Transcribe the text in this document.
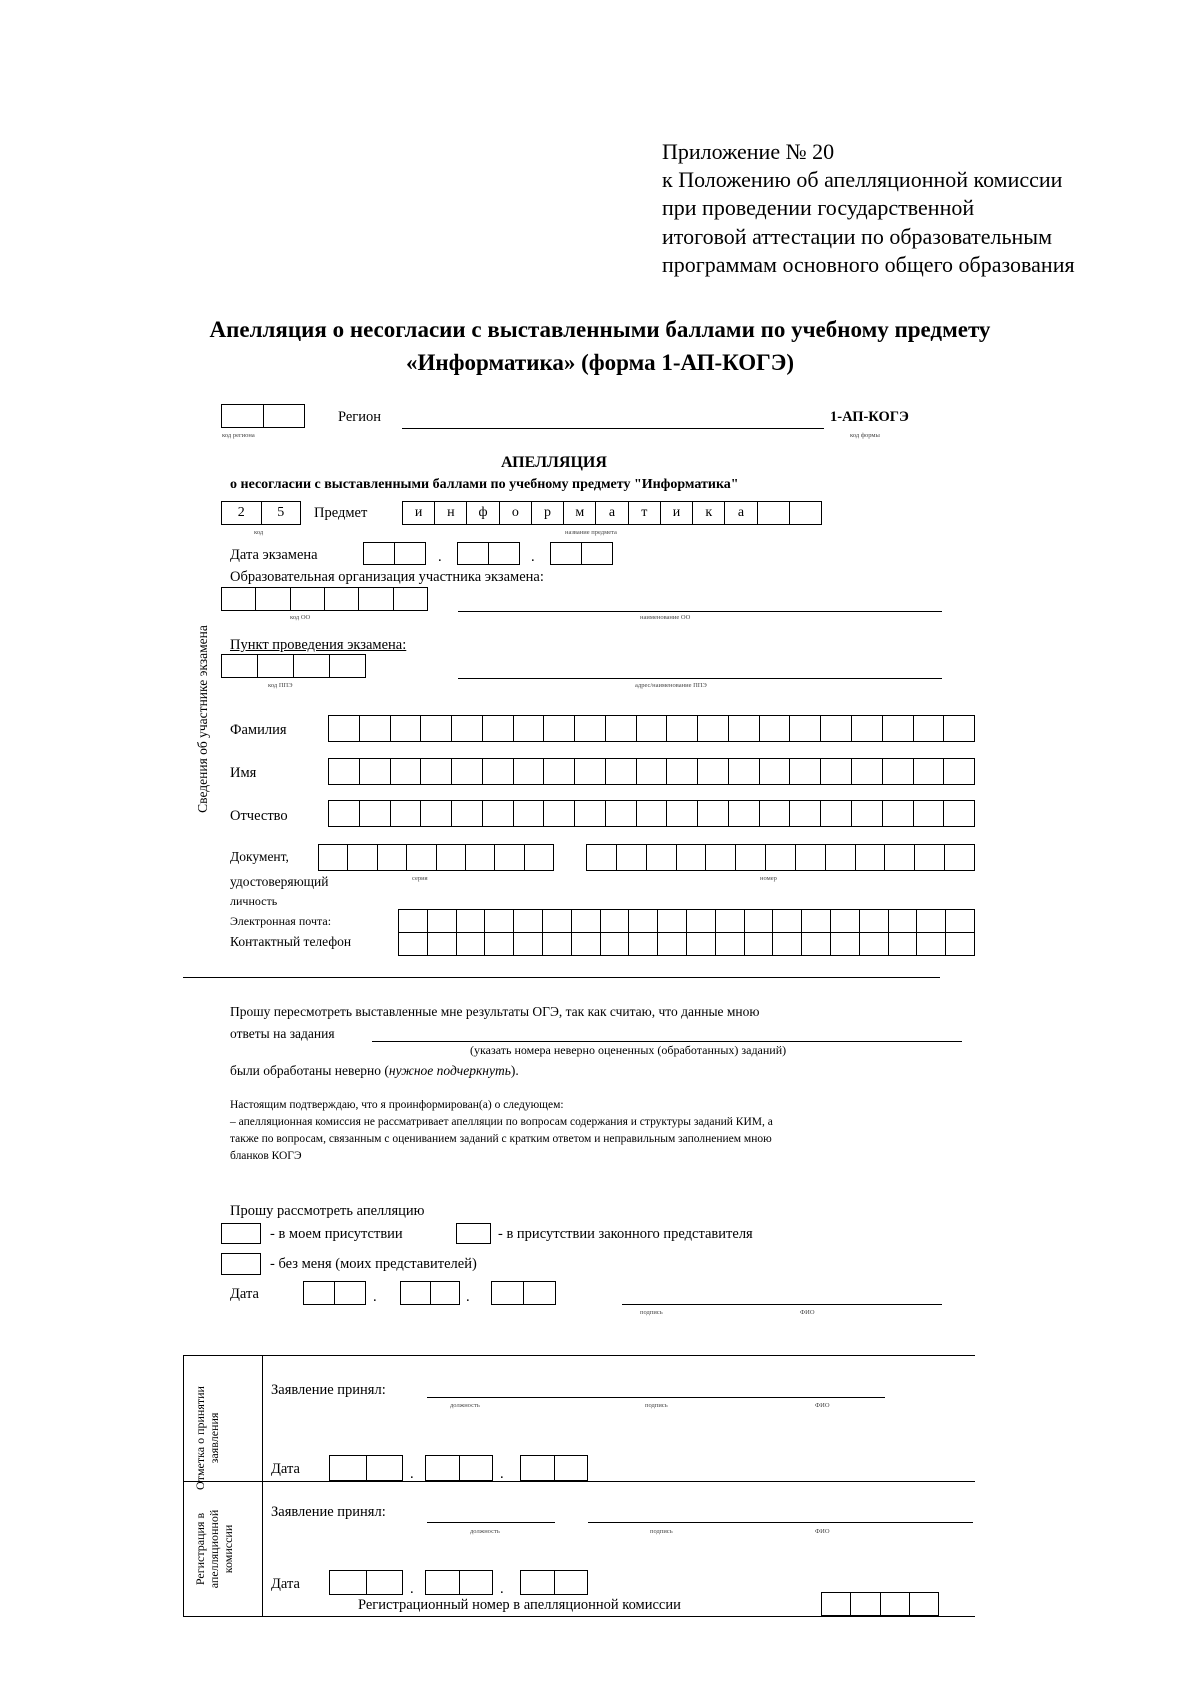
Приложение № 20
к Положению об апелляционной комиссии
при проведении государственной
итоговой аттестации по образовательным
программам основного общего образования
Апелляция о несогласии с выставленными баллами по учебному предмету
«Информатика» (форма 1-АП-КОГЭ)
код региона
Регион	1-АП-КОГЭ
код формы
АПЕЛЛЯЦИЯ
о несогласии с выставленными баллами по учебному предмету "Информатика"
2	5
код
Предмет	и	н	ф	о	р	м	а	т	и	к	а
название предмета
Дата экзамена	.	.
Образовательная организация участника экзамена:
код ОО	наименование ОО
Пункт проведения экзамена:
код ППЭ	адрес/наименование ППЭ
Сведения об участнике экзамена	Фамилия
Имя
Отчество
Документ,
удостоверяющий
личность
серия	номер
Электронная почта:
Контактный телефон
Прошу пересмотреть выставленные мне результаты ОГЭ, так как считаю, что данные мною
ответы на задания
(указать номера неверно оцененных (обработанных) заданий)
были обработаны неверно (нужное подчеркнуть).
Настоящим подтверждаю, что я проинформирован(а) о следующем:
– апелляционная комиссия не рассматривает апелляции по вопросам содержания и структуры заданий КИМ, а
также по вопросам, связанным с оцениванием заданий с кратким ответом и неправильным заполнением мною
бланков КОГЭ
Прошу рассмотреть апелляцию
- в моем присутствии	- в присутствии законного представителя
- без меня (моих представителей)
Дата	.	.
подпись	ФИО
Отметка о принятии заявления
Заявление принял:
должность	подпись	ФИО
Дата	.	.
Регистрация в апелляционной комиссии
Заявление принял:
должность	подпись	ФИО
Дата	.	.
Регистрационный номер в апелляционной комиссии
